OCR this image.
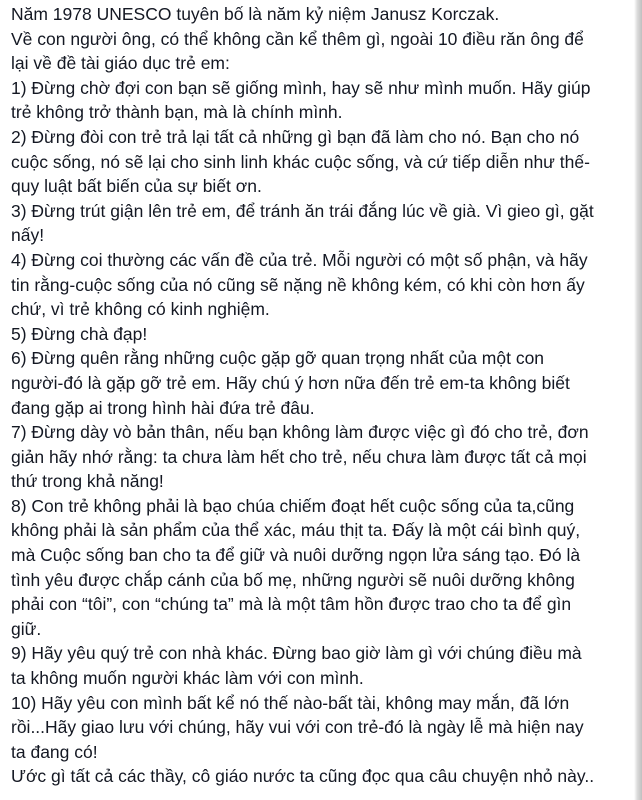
Năm 1978 UNESCO tuyên bố là năm kỷ niệm Janusz Korczak.
Về con người ông, có thể không cần kể thêm gì, ngoài 10 điều răn ông để
lại về đề tài giáo dục trẻ em:
1) Đừng chờ đợi con bạn sẽ giống mình, hay sẽ như mình muốn. Hãy giúp
trẻ không trở thành bạn, mà là chính mình.
2) Đừng đòi con trẻ trả lại tất cả những gì bạn đã làm cho nó. Bạn cho nó
cuộc sống, nó sẽ lại cho sinh linh khác cuộc sống, và cứ tiếp diễn như thế-
quy luật bất biến của sự biết ơn.
3) Đừng trút giận lên trẻ em, để tránh ăn trái đắng lúc về già. Vì gieo gì, gặt
nấy!
4) Đừng coi thường các vấn đề của trẻ. Mỗi người có một số phận, và hãy
tin rằng-cuộc sống của nó cũng sẽ nặng nề không kém, có khi còn hơn ấy
chứ, vì trẻ không có kinh nghiệm.
5) Đừng chà đạp!
6) Đừng quên rằng những cuộc gặp gỡ quan trọng nhất của một con
người-đó là gặp gỡ trẻ em. Hãy chú ý hơn nữa đến trẻ em-ta không biết
đang gặp ai trong hình hài đứa trẻ đâu.
7) Đừng dày vò bản thân, nếu bạn không làm được việc gì đó cho trẻ, đơn
giản hãy nhớ rằng: ta chưa làm hết cho trẻ, nếu chưa làm được tất cả mọi
thứ trong khả năng!
8) Con trẻ không phải là bạo chúa chiếm đoạt hết cuộc sống của ta,cũng
không phải là sản phẩm của thể xác, máu thịt ta. Đấy là một cái bình quý,
mà Cuộc sống ban cho ta để giữ và nuôi dưỡng ngọn lửa sáng tạo. Đó là
tình yêu được chắp cánh của bố mẹ, những người sẽ nuôi dưỡng không
phải con “tôi”, con “chúng ta” mà là một tâm hồn được trao cho ta để gìn
giữ.
9) Hãy yêu quý trẻ con nhà khác. Đừng bao giờ làm gì với chúng điều mà
ta không muốn người khác làm với con mình.
10) Hãy yêu con mình bất kể nó thế nào-bất tài, không may mắn, đã lớn
rồi...Hãy giao lưu với chúng, hãy vui với con trẻ-đó là ngày lễ mà hiện nay
ta đang có!
Ước gì tất cả các thầy, cô giáo nước ta cũng đọc qua câu chuyện nhỏ này..
